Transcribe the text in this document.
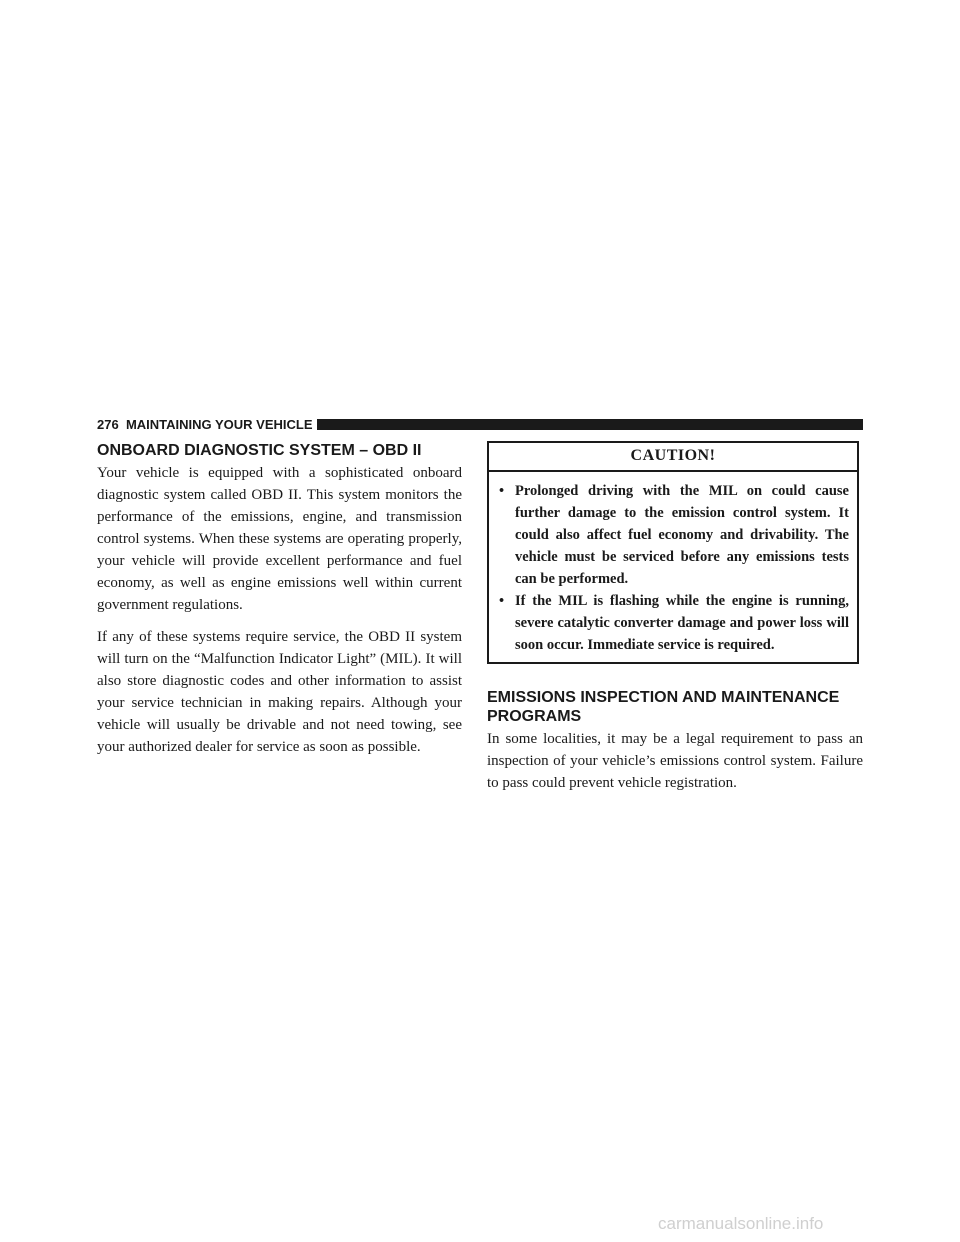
276 MAINTAINING YOUR VEHICLE
ONBOARD DIAGNOSTIC SYSTEM – OBD II

Your vehicle is equipped with a sophisticated onboard diagnostic system called OBD II. This system monitors the performance of the emissions, engine, and transmission control systems. When these systems are operating properly, your vehicle will provide excellent performance and fuel economy, as well as engine emissions well within current government regulations.

If any of these systems require service, the OBD II system will turn on the “Malfunction Indicator Light” (MIL). It will also store diagnostic codes and other information to assist your service technician in making repairs. Although your vehicle will usually be drivable and not need towing, see your authorized dealer for service as soon as possible.

CAUTION!
• Prolonged driving with the MIL on could cause further damage to the emission control system. It could also affect fuel economy and drivability. The vehicle must be serviced before any emissions tests can be performed.
• If the MIL is flashing while the engine is running, severe catalytic converter damage and power loss will soon occur. Immediate service is required.
EMISSIONS INSPECTION AND MAINTENANCE PROGRAMS

In some localities, it may be a legal requirement to pass an inspection of your vehicle’s emissions control system. Failure to pass could prevent vehicle registration.

carmanualsonline.info
